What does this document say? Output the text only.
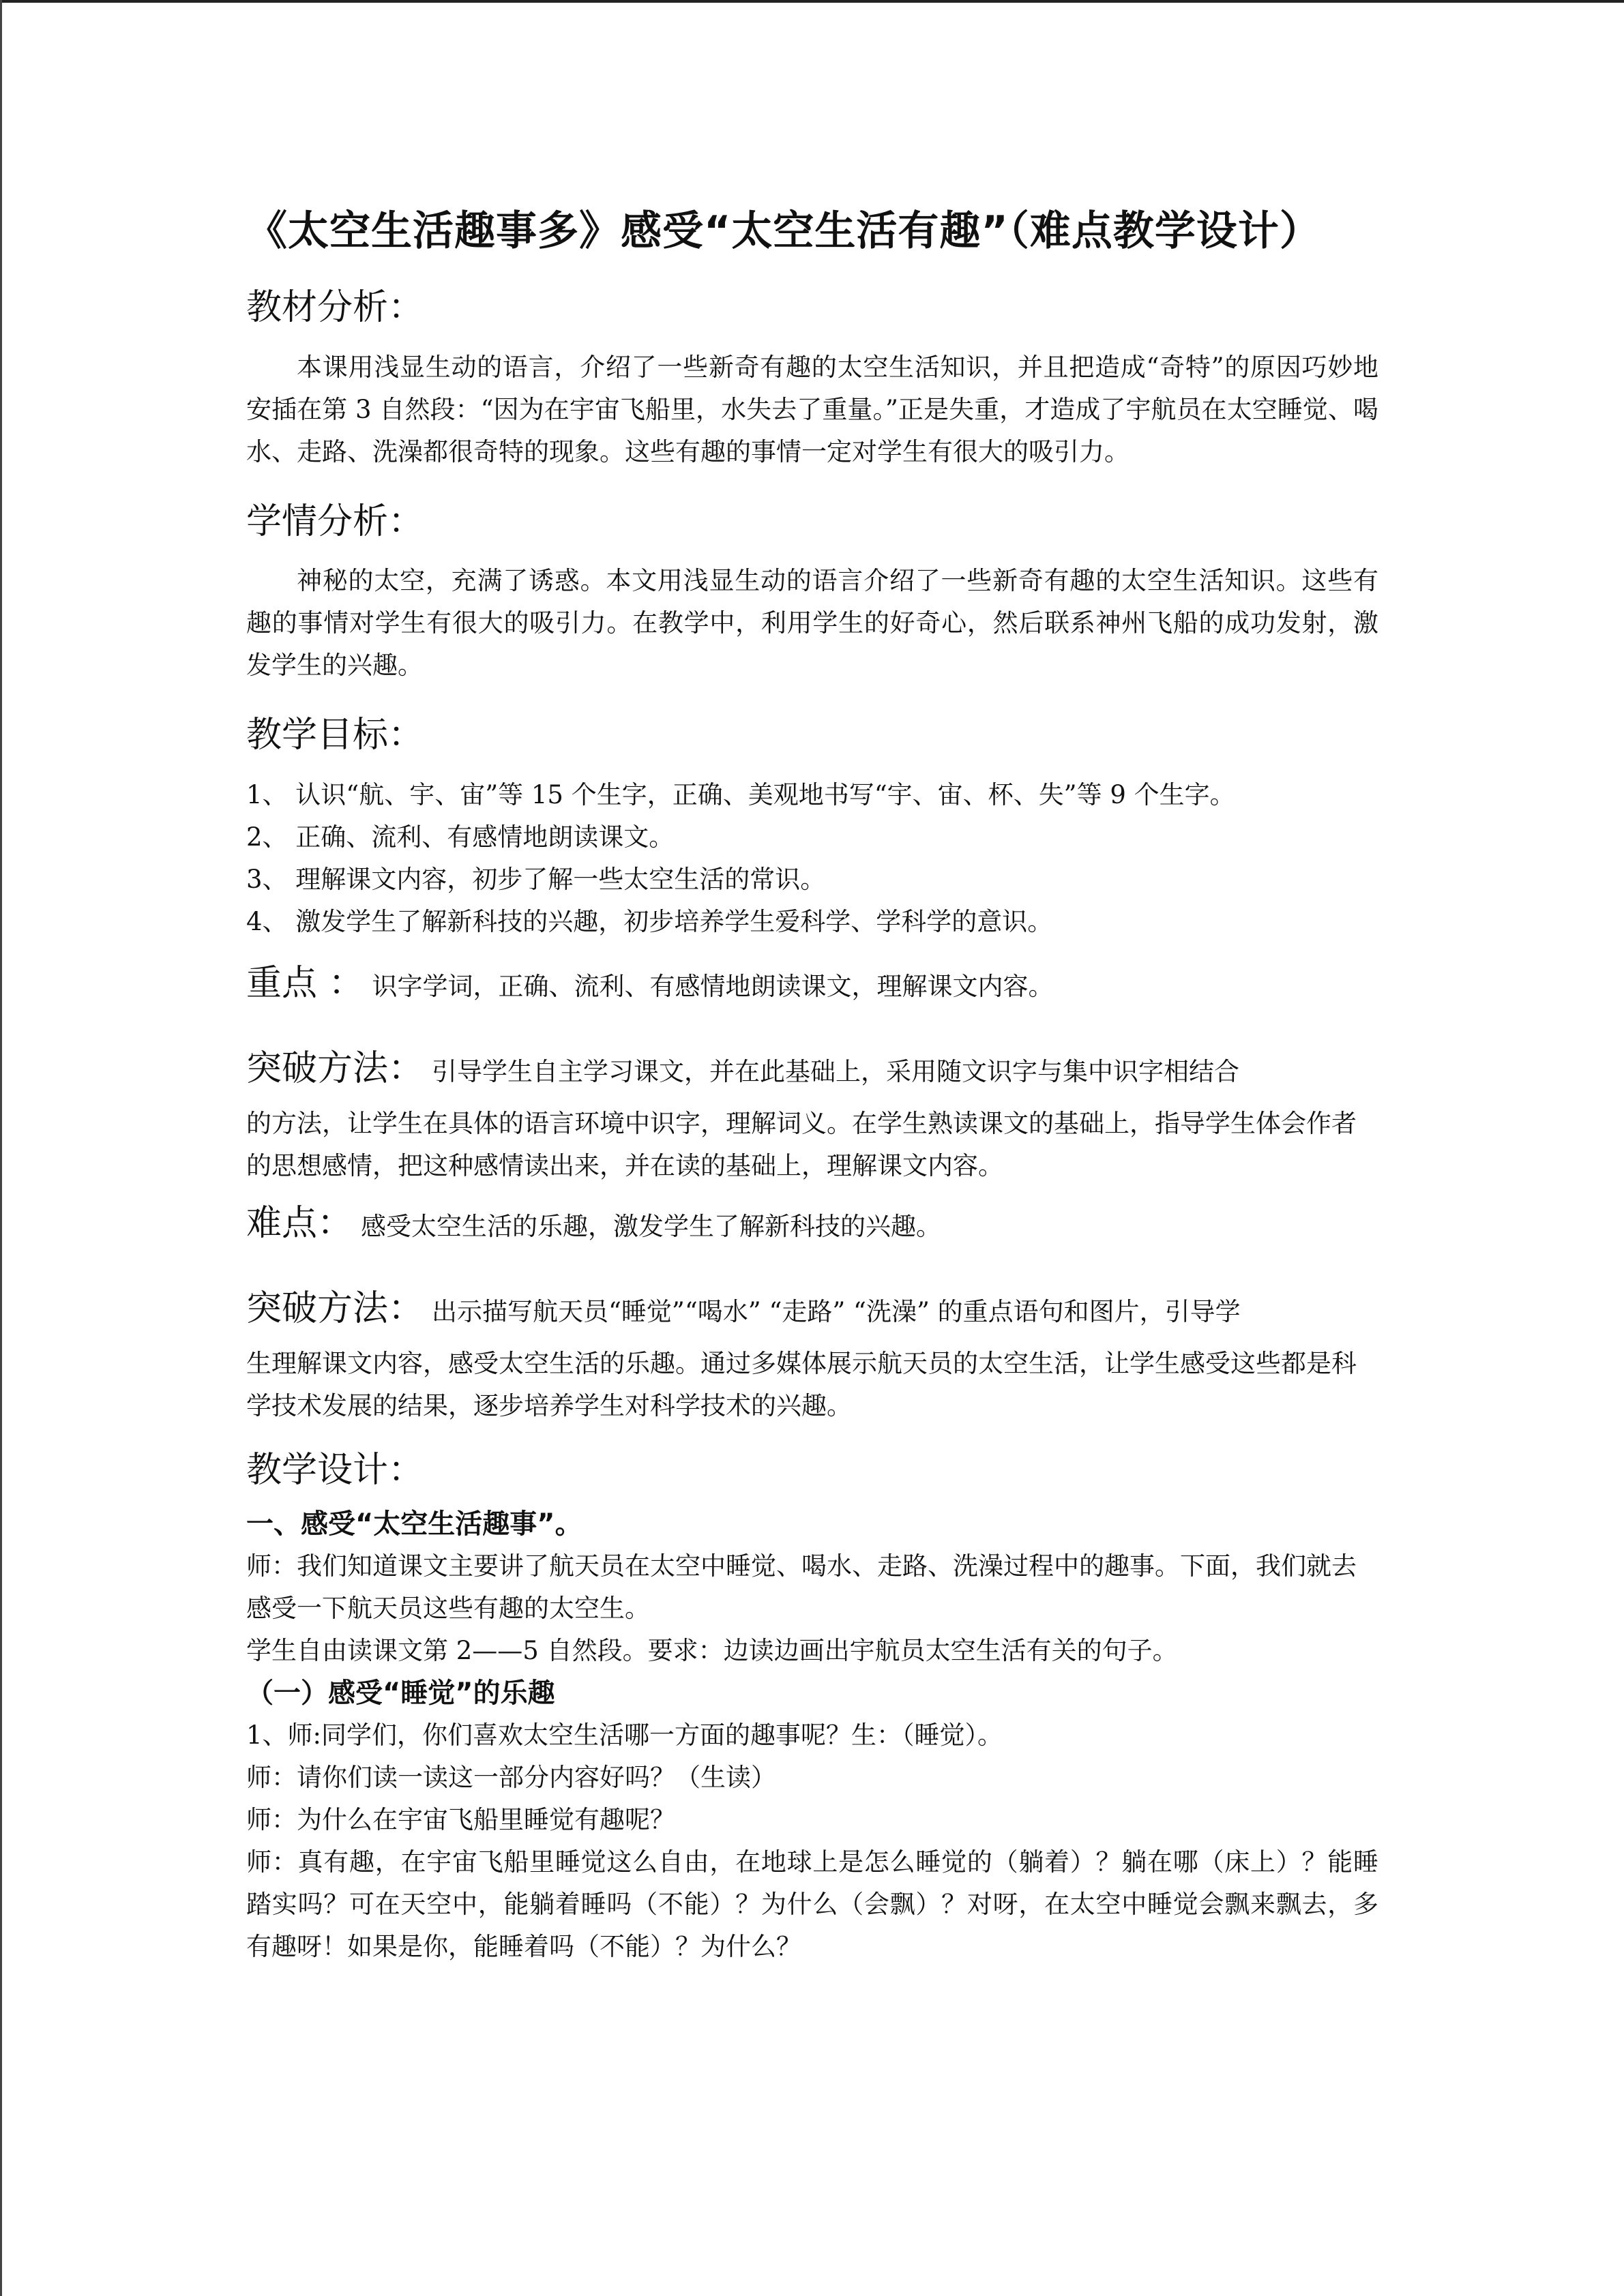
《太空生活趣事多》感受“太空生活有趣”（难点教学设计）
教材分析：

本课用浅显生动的语言，介绍了一些新奇有趣的太空生活知识，并且把造成“奇特”的原因巧妙地安插在第 3 自然段：“因为在宇宙飞船里，水失去了重量。”正是失重，才造成了宇航员在太空睡觉、喝水、走路、洗澡都很奇特的现象。这些有趣的事情一定对学生有很大的吸引力。

学情分析：

神秘的太空，充满了诱惑。本文用浅显生动的语言介绍了一些新奇有趣的太空生活知识。这些有趣的事情对学生有很大的吸引力。在教学中，利用学生的好奇心，然后联系神州飞船的成功发射，激发学生的兴趣。

教学目标：

1、 认识“航、宇、宙”等 15 个生字，正确、美观地书写“宇、宙、杯、失”等 9 个生字。

2、 正确、流利、有感情地朗读课文。

3、 理解课文内容，初步了解一些太空生活的常识。

4、 激发学生了解新科技的兴趣，初步培养学生爱科学、学科学的意识。

重点 ： 识字学词，正确、流利、有感情地朗读课文，理解课文内容。
突破方法： 引导学生自主学习课文，并在此基础上，采用随文识字与集中识字相结合
的方法，让学生在具体的语言环境中识字，理解词义。在学生熟读课文的基础上，指导学生体会作者的思想感情，把这种感情读出来，并在读的基础上，理解课文内容。
难点： 感受太空生活的乐趣，激发学生了解新科技的兴趣。
突破方法： 出示描写航天员“睡觉”“喝水” “走路” “洗澡” 的重点语句和图片，引导学
生理解课文内容，感受太空生活的乐趣。通过多媒体展示航天员的太空生活，让学生感受这些都是科学技术发展的结果，逐步培养学生对科学技术的兴趣。
教学设计：
一、感受“太空生活趣事”。

师：我们知道课文主要讲了航天员在太空中睡觉、喝水、走路、洗澡过程中的趣事。下面，我们就去感受一下航天员这些有趣的太空生。

学生自由读课文第 2——5 自然段。要求：边读边画出宇航员太空生活有关的句子。

（一）感受“睡觉”的乐趣

1、师:同学们，你们喜欢太空生活哪一方面的趣事呢？生：（睡觉）。

师：请你们读一读这一部分内容好吗？（生读）

师：为什么在宇宙飞船里睡觉有趣呢？

师：真有趣，在宇宙飞船里睡觉这么自由，在地球上是怎么睡觉的（躺着）？躺在哪（床上）？能睡踏实吗？可在天空中，能躺着睡吗（不能）？为什么（会飘）？对呀，在太空中睡觉会飘来飘去，多有趣呀！如果是你，能睡着吗（不能）？为什么？
